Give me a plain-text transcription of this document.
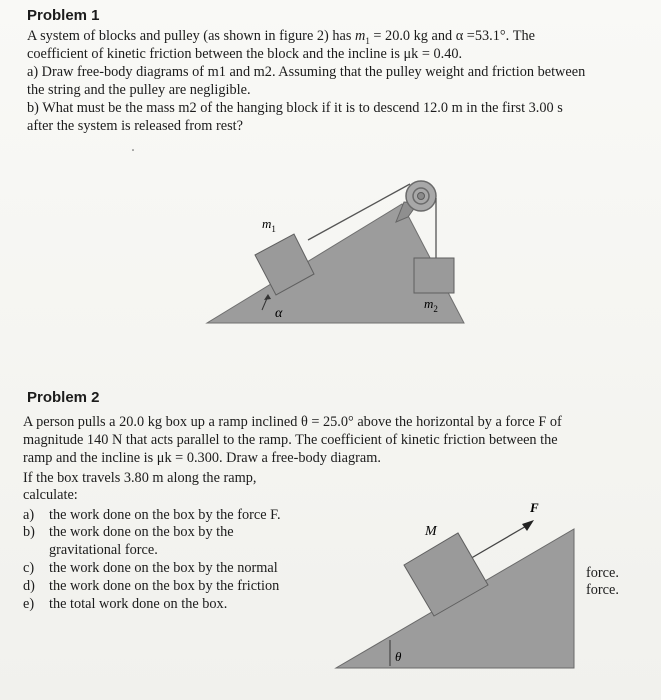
Problem 1
A system of blocks and pulley (as shown in figure 2) has $m_1 = 20.0$ kg and α =53.1°. The
coefficient of kinetic friction between the block and the incline is μk = 0.40.
a) Draw free-body diagrams of m1 and m2. Assuming that the pulley weight and friction between
the string and the pulley are negligible.
b) What must be the mass m2 of the hanging block if it is to descend 12.0 m in the first 3.00 s
after the system is released from rest?
α
$m_1$
$m_2$
Problem 2
A person pulls a 20.0 kg box up a ramp inclined θ = 25.0° above the horizontal by a force F of
magnitude 140 N that acts parallel to the ramp. The coefficient of kinetic friction between the
ramp and the incline is μk = 0.300. Draw a free-body diagram.
If the box travels 3.80 m along the ramp,
calculate:
a) the work done on the box by the force F.
b) the work done on the box by the
gravitational force.
c) the work done on the box by the normal
d) the work done on the box by the friction
e) the total work done on the box.
force.
force.
F
M
θ
